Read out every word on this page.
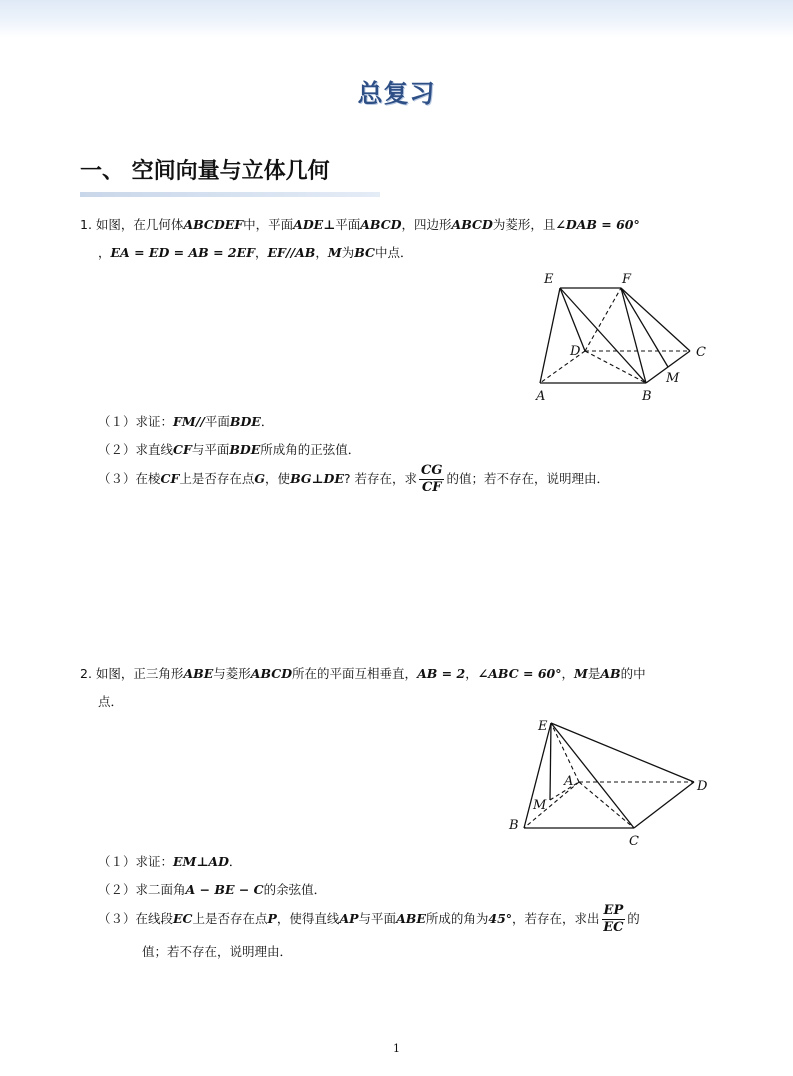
总复习
一、 空间向量与立体几何
1. 如图，在几何体ABCDEF中，平面ADE⊥平面ABCD，四边形ABCD为菱形，且∠DAB = 60°
，EA = ED = AB = 2EF，EF//AB，M为BC中点．
E	F
D	C
M
A	B
（１）求证：FM//平面BDE．
（２）求直线CF与平面BDE所成角的正弦值．
（３）在棱CF上是否存在点G，使BG⊥DE? 若存在，求 $\frac{CG}{CF}$ 的值；若不存在，说明理由．
2. 如图，正三角形ABE与菱形ABCD所在的平面互相垂直，AB = 2，∠ABC = 60°，M是AB的中
点．
E
A	D
M
B
C
（１）求证：EM⊥AD．
（２）求二面角A − BE − C的余弦值．
（３）在线段EC上是否存在点P，使得直线AP与平面ABE所成的角为45°，若存在，求出 $\frac{EP}{EC}$ 的
值；若不存在，说明理由．
1
